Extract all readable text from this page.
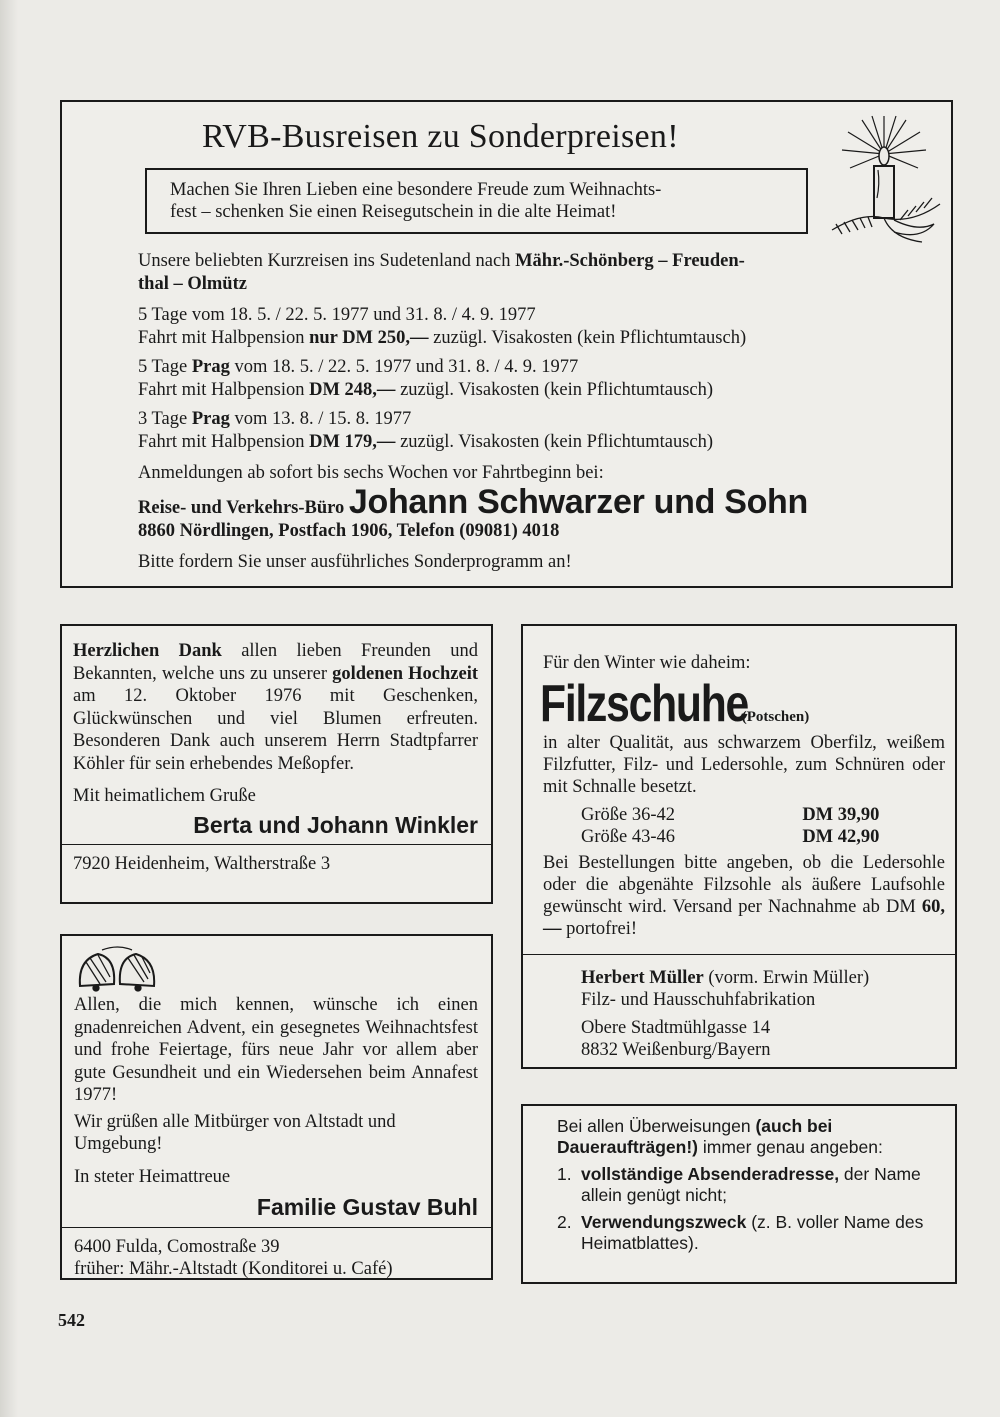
RVB-Busreisen zu Sonderpreisen!
Machen Sie Ihren Lieben eine besondere Freude zum Weihnachts-
fest – schenken Sie einen Reisegutschein in die alte Heimat!

Unsere beliebten Kurzreisen ins Sudetenland nach Mähr.-Schönberg – Freuden-
thal – Olmütz

5 Tage vom 18. 5. / 22. 5. 1977 und 31. 8. / 4. 9. 1977

Fahrt mit Halbpension nur DM 250,— zuzügl. Visakosten (kein Pflichtumtausch)

5 Tage Prag vom 18. 5. / 22. 5. 1977 und 31. 8. / 4. 9. 1977

Fahrt mit Halbpension DM 248,— zuzügl. Visakosten (kein Pflichtumtausch)

3 Tage Prag vom 13. 8. / 15. 8. 1977

Fahrt mit Halbpension DM 179,— zuzügl. Visakosten (kein Pflichtumtausch)

Anmeldungen ab sofort bis sechs Wochen vor Fahrtbeginn bei:

Reise- und Verkehrs-Büro Johann Schwarzer und Sohn

8860 Nördlingen, Postfach 1906, Telefon (09081) 4018

Bitte fordern Sie unser ausführliches Sonderprogramm an!

Herzlichen Dank allen lieben Freunden und Bekannten, welche uns zu unserer goldenen Hochzeit am 12. Oktober 1976 mit Geschenken, Glückwünschen und viel Blumen erfreuten. Besonderen Dank auch unserem Herrn Stadtpfarrer Köhler für sein erhebendes Meßopfer.

Mit heimatlichem Gruße

Berta und Johann Winkler

7920 Heidenheim, Waltherstraße 3

Allen, die mich kennen, wünsche ich einen gnadenreichen Advent, ein gesegnetes Weihnachtsfest und frohe Feiertage, fürs neue Jahr vor allem aber gute Gesundheit und ein Wiedersehen beim Annafest 1977!

Wir grüßen alle Mitbürger von Altstadt und Umgebung!

In steter Heimattreue

Familie Gustav Buhl

6400 Fulda, Comostraße 39

früher: Mähr.-Altstadt (Konditorei u. Café)

Für den Winter wie daheim:

Filzschuhe(Potschen)

in alter Qualität, aus schwarzem Oberfilz, weißem Filzfutter, Filz- und Ledersohle, zum Schnüren oder mit Schnalle besetzt.

Größe 36-42	DM 39,90
Größe 43-46	DM 42,90

Bei Bestellungen bitte angeben, ob die Ledersohle oder die abgenähte Filzsohle als äußere Laufsohle gewünscht wird. Versand per Nachnahme ab DM 60,— portofrei!

Herbert Müller (vorm. Erwin Müller)

Filz- und Hausschuhfabrikation

Obere Stadtmühlgasse 14

8832 Weißenburg/Bayern

Bei allen Überweisungen (auch bei Daueraufträgen!) immer genau angeben:

1. vollständige Absenderadresse, der Name allein genügt nicht;
2. Verwendungszweck (z. B. voller Name des Heimatblattes).
542
